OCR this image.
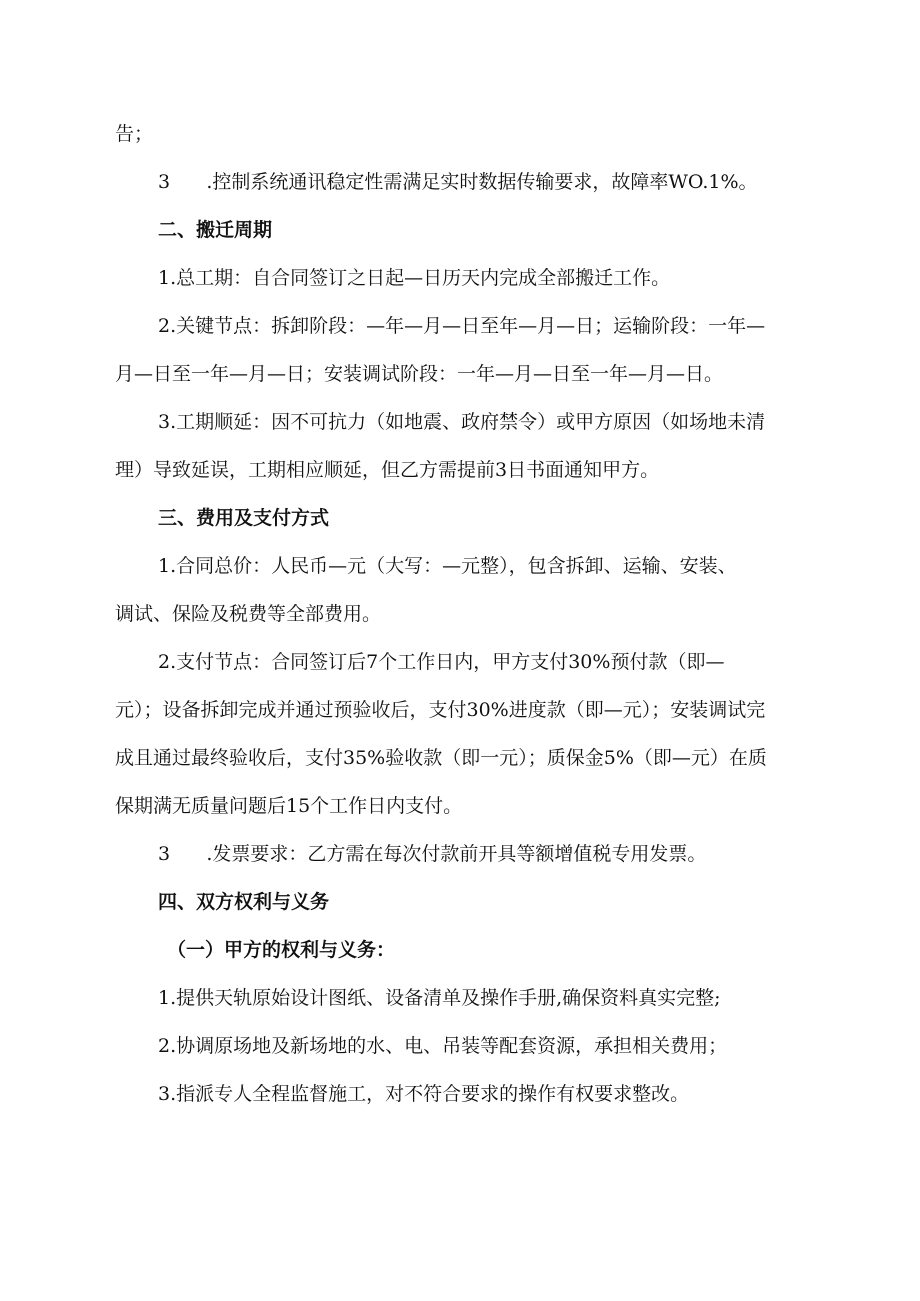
告；
3      .控制系统通讯稳定性需满足实时数据传输要求，故障率WO.1%。
二、搬迁周期
1.总工期：自合同签订之日起—日历天内完成全部搬迁工作。
2.关键节点：拆卸阶段：—年—月—日至年—月—日；运输阶段：一年—
月—日至一年—月—日；安装调试阶段：一年—月—日至一年—月—日。
3.工期顺延：因不可抗力（如地震、政府禁令）或甲方原因（如场地未清
理）导致延误，工期相应顺延，但乙方需提前3日书面通知甲方。
三、费用及支付方式
1.合同总价：人民币—元（大写：—元整），包含拆卸、运输、安装、
调试、保险及税费等全部费用。
2.支付节点：合同签订后7个工作日内，甲方支付30%预付款（即—
元）；设备拆卸完成并通过预验收后，支付30%进度款（即—元）；安装调试完
成且通过最终验收后，支付35%验收款（即一元）；质保金5%（即—元）在质
保期满无质量问题后15个工作日内支付。
3      .发票要求：乙方需在每次付款前开具等额增值税专用发票。
四、双方权利与义务
（一）甲方的权利与义务：
1.提供天轨原始设计图纸、设备清单及操作手册,确保资料真实完整;
2.协调原场地及新场地的水、电、吊装等配套资源，承担相关费用；
3.指派专人全程监督施工，对不符合要求的操作有权要求整改。
